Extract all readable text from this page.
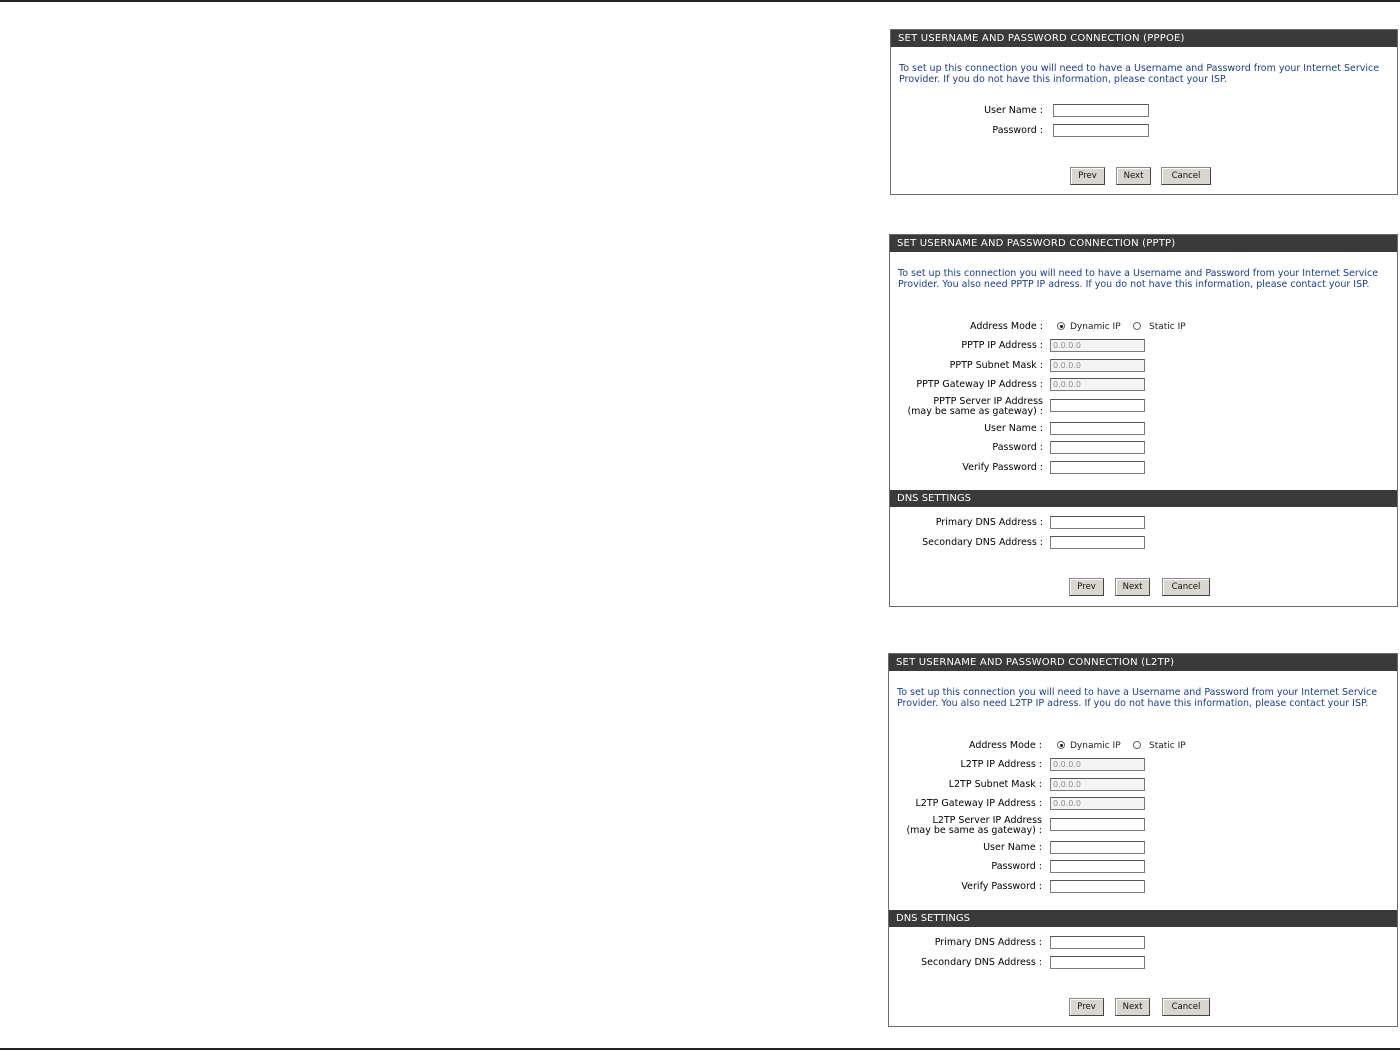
SET USERNAME AND PASSWORD CONNECTION (PPPOE)
To set up this connection you will need to have a Username and Password from your Internet Service Provider. If you do not have this information, please contact your ISP.
User Name :
Password :
Prev	Next	Cancel
SET USERNAME AND PASSWORD CONNECTION (PPTP)
To set up this connection you will need to have a Username and Password from your Internet Service Provider. You also need PPTP IP adress. If you do not have this information, please contact your ISP.
Address Mode :	Dynamic IP	Static IP
PPTP IP Address :
0.0.0.0
PPTP Subnet Mask :
0.0.0.0
PPTP Gateway IP Address :
0.0.0.0
PPTP Server IP Address
(may be same as gateway) :
User Name :
Password :
Verify Password :
DNS SETTINGS
Primary DNS Address :
Secondary DNS Address :
Prev	Next	Cancel
SET USERNAME AND PASSWORD CONNECTION (L2TP)
To set up this connection you will need to have a Username and Password from your Internet Service Provider. You also need L2TP IP adress. If you do not have this information, please contact your ISP.
Address Mode :	Dynamic IP	Static IP
L2TP IP Address :
0.0.0.0
L2TP Subnet Mask :
0.0.0.0
L2TP Gateway IP Address :
0.0.0.0
L2TP Server IP Address
(may be same as gateway) :
User Name :
Password :
Verify Password :
DNS SETTINGS
Primary DNS Address :
Secondary DNS Address :
Prev	Next	Cancel
